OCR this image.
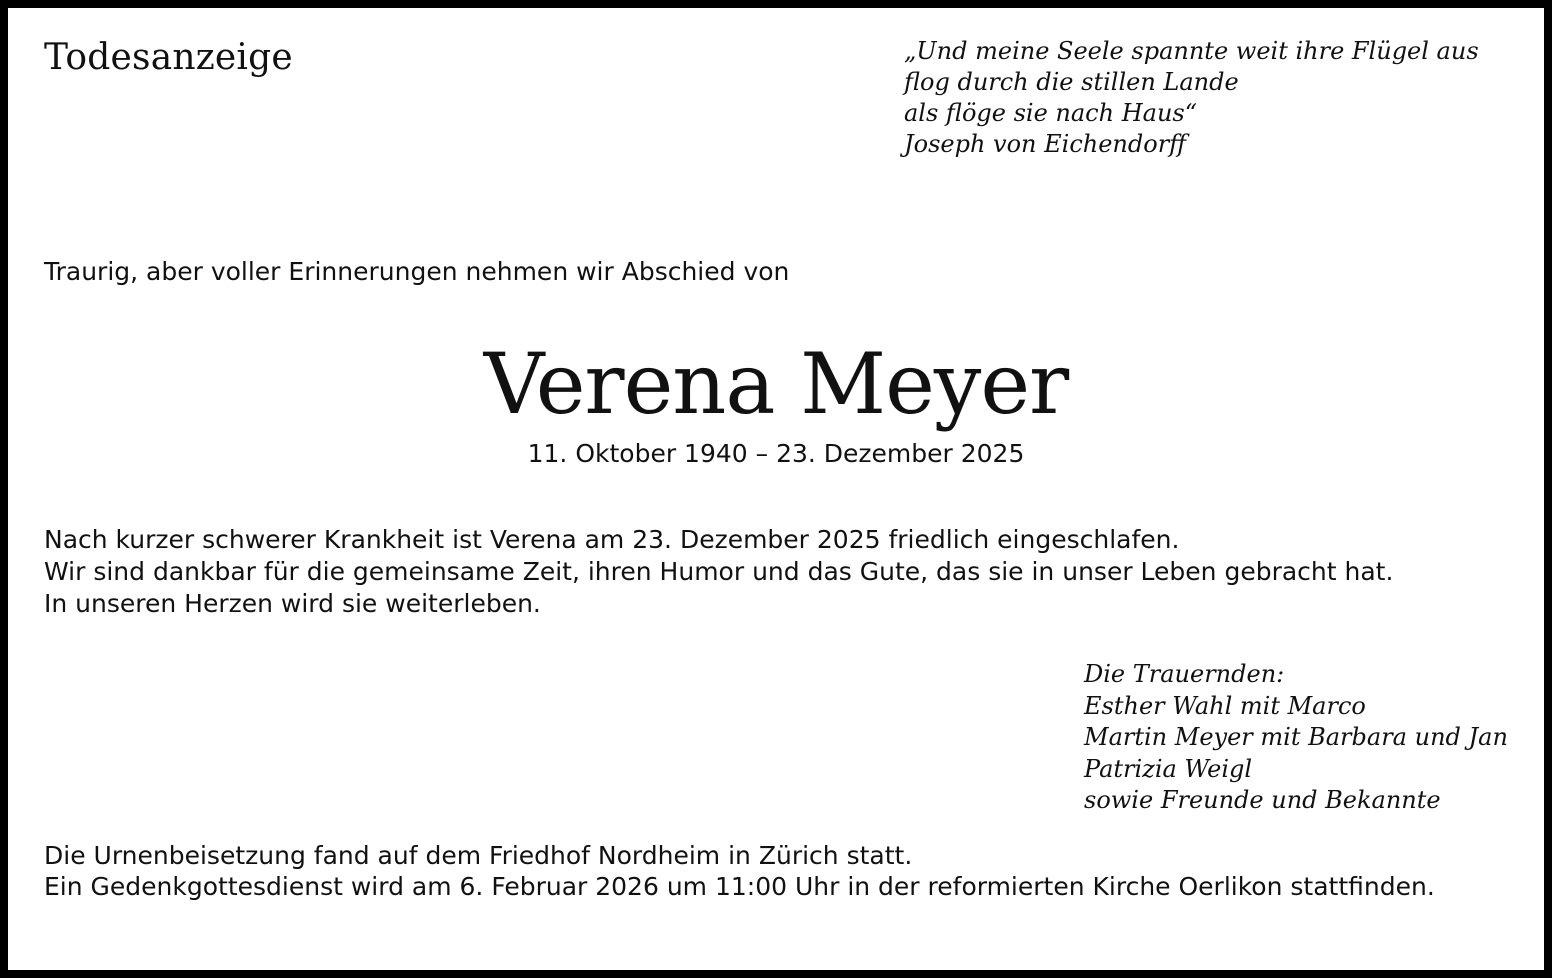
Todesanzeige	„Und meine Seele spannte weit ihre Flügel aus
flog durch die stillen Lande
als flöge sie nach Haus“
Joseph von Eichendorff

Traurig, aber voller Erinnerungen nehmen wir Abschied von

Verena Meyer

11. Oktober 1940 – 23. Dezember 2025

Nach kurzer schwerer Krankheit ist Verena am 23. Dezember 2025 friedlich eingeschlafen.
Wir sind dankbar für die gemeinsame Zeit, ihren Humor und das Gute, das sie in unser Leben gebracht hat.
In unseren Herzen wird sie weiterleben.

Die Trauernden:
Esther Wahl mit Marco
Martin Meyer mit Barbara und Jan
Patrizia Weigl
sowie Freunde und Bekannte

Die Urnenbeisetzung fand auf dem Friedhof Nordheim in Zürich statt.
Ein Gedenkgottesdienst wird am 6. Februar 2026 um 11:00 Uhr in der reformierten Kirche Oerlikon stattfinden.
